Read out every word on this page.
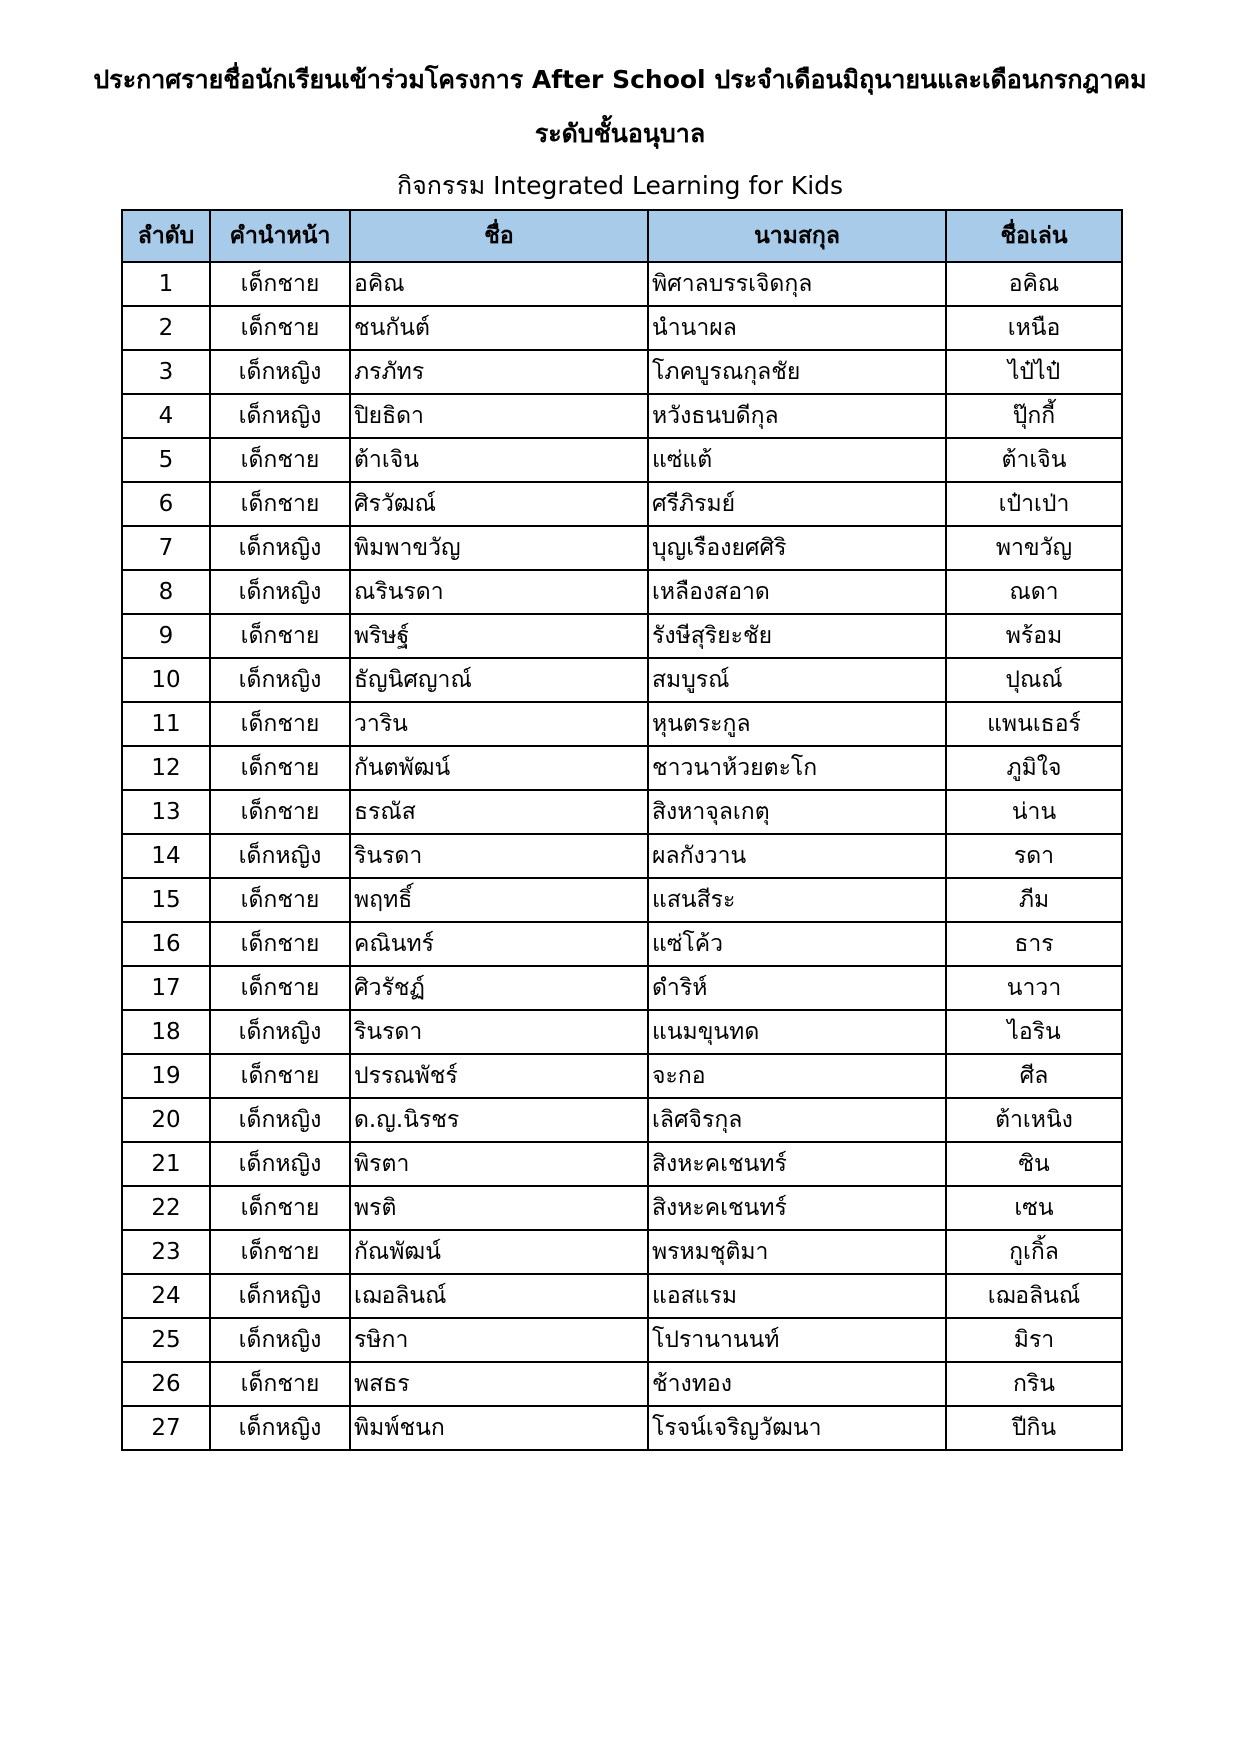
ประกาศรายชื่อนักเรียนเข้าร่วมโครงการ After School ประจำเดือนมิถุนายนและเดือนกรกฎาคม
ระดับชั้นอนุบาล
กิจกรรม Integrated Learning for Kids
ลำดับ	คำนำหน้า	ชื่อ	นามสกุล	ชื่อเล่น
1	เด็กชาย	อคิณ	พิศาลบรรเจิดกุล	อคิณ
2	เด็กชาย	ชนกันต์	นำนาผล	เหนือ
3	เด็กหญิง	ภรภัทร	โภคบูรณกุลชัย	ไป๋ไป๋
4	เด็กหญิง	ปิยธิดา	หวังธนบดีกุล	ปุ๊กกี้
5	เด็กชาย	ต้าเจิน	แซ่แต้	ต้าเจิน
6	เด็กชาย	ศิรวัฒณ์	ศรีภิรมย์	เป๋าเป่า
7	เด็กหญิง	พิมพาขวัญ	บุญเรืองยศศิริ	พาขวัญ
8	เด็กหญิง	ณรินรดา	เหลืองสอาด	ณดา
9	เด็กชาย	พริษฐ์	รังษีสุริยะชัย	พร้อม
10	เด็กหญิง	ธัญนิศญาณ์	สมบูรณ์	ปุณณ์
11	เด็กชาย	วาริน	หุนตระกูล	แพนเธอร์
12	เด็กชาย	กันตพัฒน์	ชาวนาห้วยตะโก	ภูมิใจ
13	เด็กชาย	ธรณัส	สิงหาจุลเกตุ	น่าน
14	เด็กหญิง	รินรดา	ผลกังวาน	รดา
15	เด็กชาย	พฤทธิ์	แสนสีระ	ภีม
16	เด็กชาย	คณินทร์	แซ่โค้ว	ธาร
17	เด็กชาย	ศิวรัชฏ์	ดำริห์	นาวา
18	เด็กหญิง	รินรดา	แนมขุนทด	ไอริน
19	เด็กชาย	ปรรณพัชร์	จะกอ	ศีล
20	เด็กหญิง	ด.ญ.นิรชร	เลิศจิรกุล	ต้าเหนิง
21	เด็กหญิง	พิรตา	สิงหะคเชนทร์	ซิน
22	เด็กชาย	พรติ	สิงหะคเชนทร์	เซน
23	เด็กชาย	กัณพัฒน์	พรหมชุติมา	กูเกิ้ล
24	เด็กหญิง	เฌอลินณ์	แอสแรม	เฌอลินณ์
25	เด็กหญิง	รษิกา	โปรานานนท์	มิรา
26	เด็กชาย	พสธร	ช้างทอง	กริน
27	เด็กหญิง	พิมพ์ชนก	โรจน์เจริญวัฒนา	ปีกิน
